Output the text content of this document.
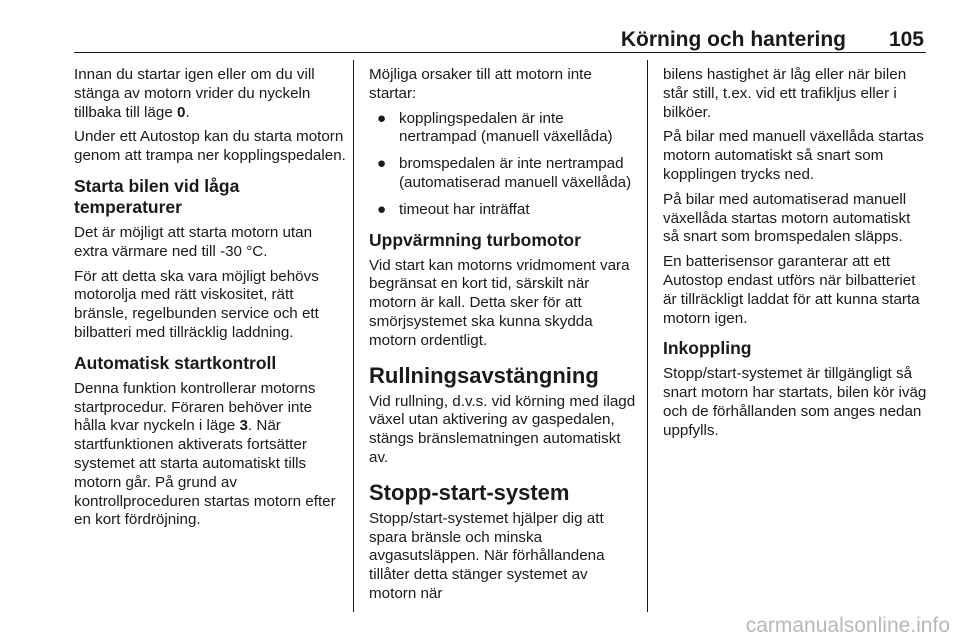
Körning och hantering 105

Innan du startar igen eller om du vill stänga av motorn vrider du nyckeln tillbaka till läge 0.

Under ett Autostop kan du starta motorn genom att trampa ner kopplingspedalen.

Starta bilen vid låga temperaturer

Det är möjligt att starta motorn utan extra värmare ned till -30 °C.

För att detta ska vara möjligt behövs motorolja med rätt viskositet, rätt bränsle, regelbunden service och ett bilbatteri med tillräcklig laddning.

Automatisk startkontroll

Denna funktion kontrollerar motorns startprocedur. Föraren behöver inte hålla kvar nyckeln i läge 3. När startfunktionen aktiverats fortsätter systemet att starta automatiskt tills motorn går. På grund av kontrollproceduren startas motorn efter en kort fördröjning.

Möjliga orsaker till att motorn inte startar:

● kopplingspedalen är inte nertrampad (manuell växellåda)
● bromspedalen är inte nertrampad (automatiserad manuell växellåda)
● timeout har inträffat
Uppvärmning turbomotor

Vid start kan motorns vridmoment vara begränsat en kort tid, särskilt när motorn är kall. Detta sker för att smörjsystemet ska kunna skydda motorn ordentligt.

Rullningsavstängning

Vid rullning, d.v.s. vid körning med ilagd växel utan aktivering av gaspedalen, stängs bränslematningen automatiskt av.

Stopp-start-system

Stopp/start-systemet hjälper dig att spara bränsle och minska avgasutsläppen. När förhållandena tillåter detta stänger systemet av motorn när

bilens hastighet är låg eller när bilen står still, t.ex. vid ett trafikljus eller i bilköer.

På bilar med manuell växellåda startas motorn automatiskt så snart som kopplingen trycks ned.

På bilar med automatiserad manuell växellåda startas motorn automatiskt så snart som bromspedalen släpps.

En batterisensor garanterar att ett Autostop endast utförs när bilbatteriet är tillräckligt laddat för att kunna starta motorn igen.

Inkoppling

Stopp/start-systemet är tillgängligt så snart motorn har startats, bilen kör iväg och de förhållanden som anges nedan uppfylls.

carmanualsonline.info
